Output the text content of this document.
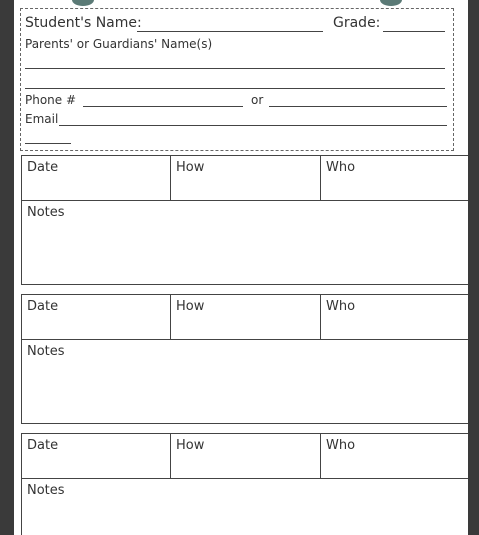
Student's Name:	Grade:
Parents' or Guardians' Name(s)
Phone #	or
Email
Date	How	Who
Notes
Date	How	Who
Notes
Date	How	Who
Notes
